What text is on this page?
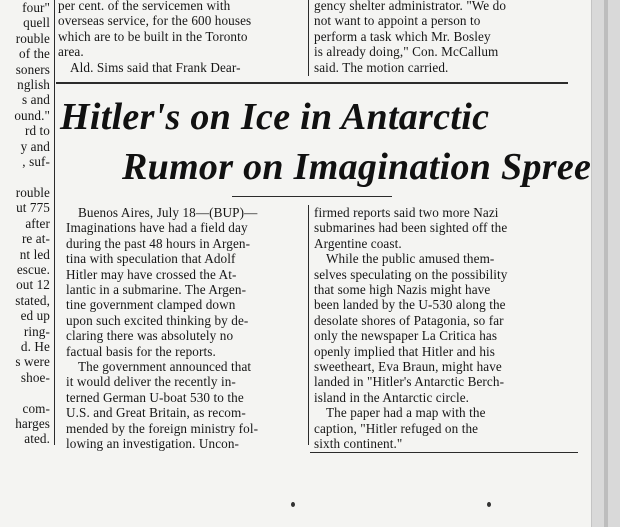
four"

quell

rouble

of the

soners

nglish

s and

ound."

rd to

y and

, suf-

rouble

ut 775

after

re at-

nt led

escue.

out 12

stated,

ed up

ring-

d. He

s were

shoe-

com-

harges

ated.

per cent. of the servicemen with

overseas service, for the 600 houses

which are to be built in the Toronto

area.

Ald. Sims said that Frank Dear-

gency shelter administrator. "We do

not want to appoint a person to

perform a task which Mr. Bosley

is already doing," Con. McCallum

said. The motion carried.

Hitler's on Ice in Antarctic
Rumor on Imagination Spree

Buenos Aires, July 18—(BUP)—

Imaginations have had a field day

during the past 48 hours in Argen-

tina with speculation that Adolf

Hitler may have crossed the At-

lantic in a submarine. The Argen-

tine government clamped down

upon such excited thinking by de-

claring there was absolutely no

factual basis for the reports.

The government announced that

it would deliver the recently in-

terned German U-boat 530 to the

U.S. and Great Britain, as recom-

mended by the foreign ministry fol-

lowing an investigation. Uncon-

firmed reports said two more Nazi

submarines had been sighted off the

Argentine coast.

While the public amused them-

selves speculating on the possibility

that some high Nazis might have

been landed by the U-530 along the

desolate shores of Patagonia, so far

only the newspaper La Critica has

openly implied that Hitler and his

sweetheart, Eva Braun, might have

landed in "Hitler's Antarctic Berch-

island in the Antarctic circle.

The paper had a map with the

caption, "Hitler refuged on the

sixth continent."
